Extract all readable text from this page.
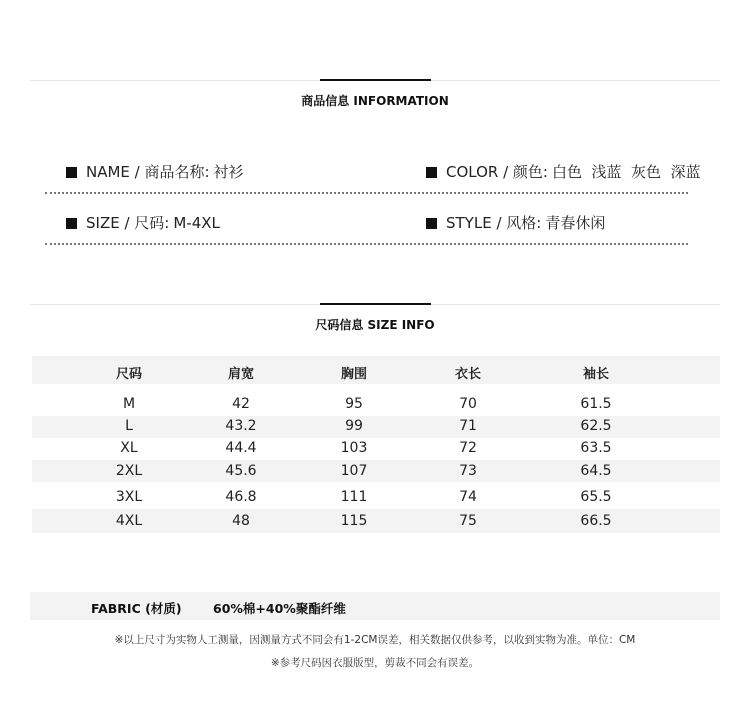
商品信息 INFORMATION
NAME / 商品名称: 衬衫	COLOR / 颜色: 白色  浅蓝  灰色  深蓝
SIZE / 尺码: M-4XL	STYLE / 风格: 青春休闲
尺码信息 SIZE INFO
尺码	肩宽	胸围	衣长	袖长
M	42	95	70	61.5
L	43.2	99	71	62.5
XL	44.4	103	72	63.5
2XL	45.6	107	73	64.5
3XL	46.8	111	74	65.5
4XL	48	115	75	66.5
FABRIC (材质)	60%棉+40%聚酯纤维
※以上尺寸为实物人工测量，因测量方式不同会有1-2CM误差，相关数据仅供参考，以收到实物为准。单位：CM
※参考尺码因衣服版型，剪裁不同会有误差。
